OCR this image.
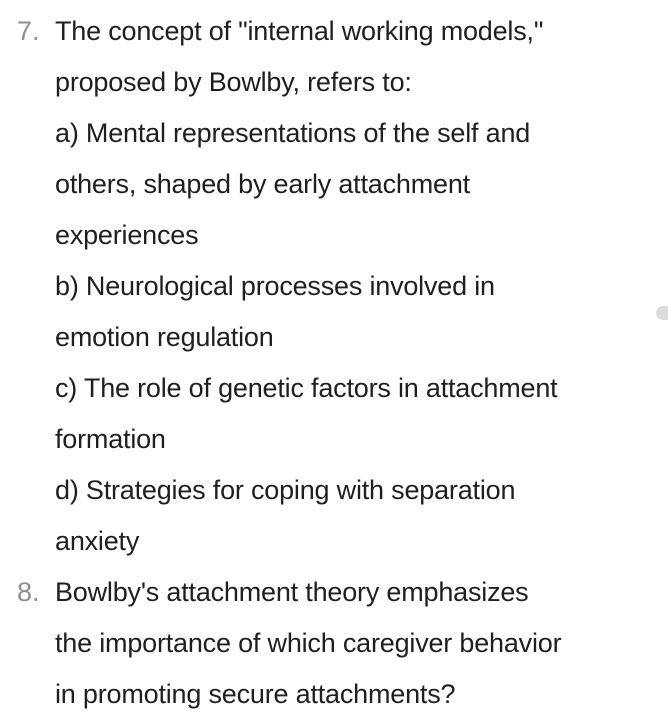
7. The concept of "internal working models,"
proposed by Bowlby, refers to:
a) Mental representations of the self and
others, shaped by early attachment
experiences
b) Neurological processes involved in
emotion regulation
c) The role of genetic factors in attachment
formation
d) Strategies for coping with separation
anxiety
8. Bowlby's attachment theory emphasizes
the importance of which caregiver behavior
in promoting secure attachments?
